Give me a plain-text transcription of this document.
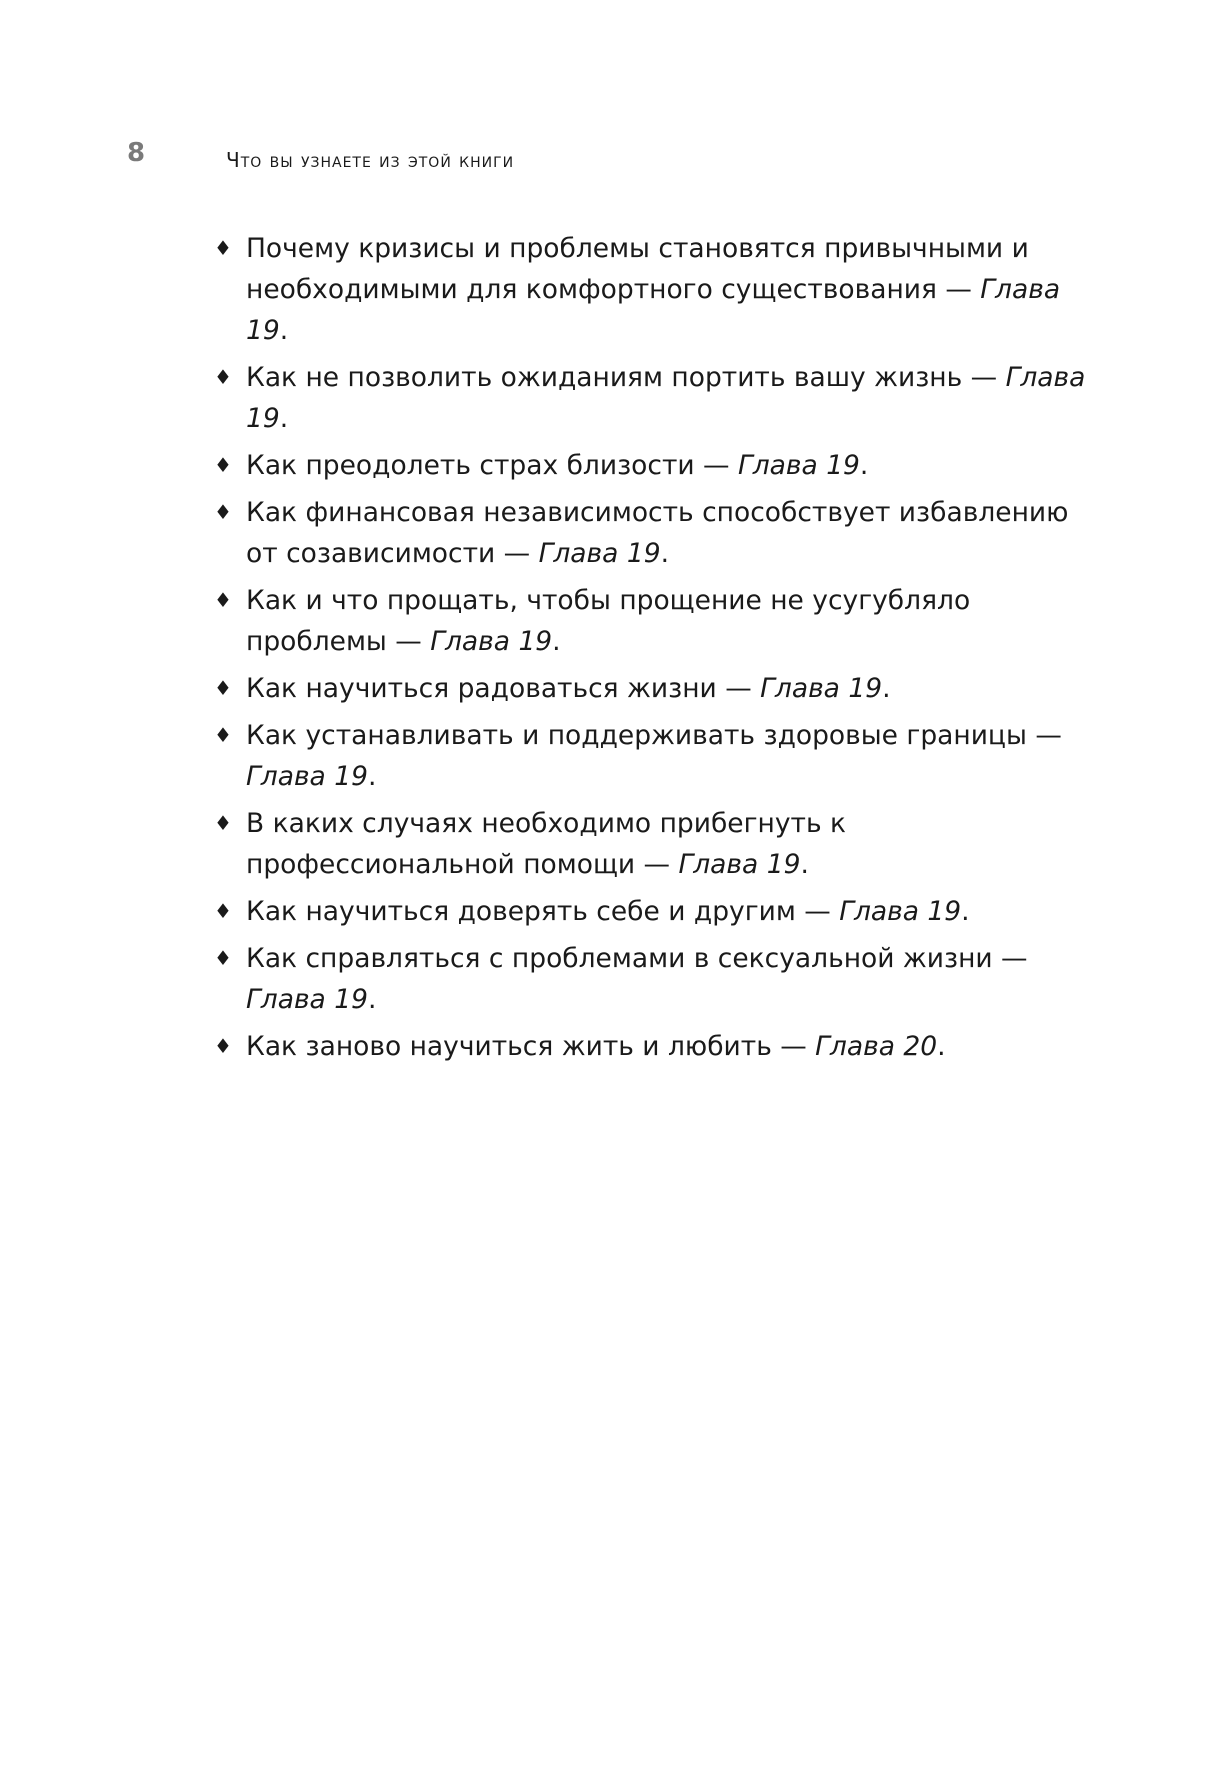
8	Что вы узнаете из этой книги
♦ Почему кризисы и проблемы становятся привычными и необходимыми для комфортного существования — Глава 19.
♦ Как не позволить ожиданиям портить вашу жизнь — Глава 19.
♦ Как преодолеть страх близости — Глава 19.
♦ Как финансовая независимость способствует избавлению от созависимости — Глава 19.
♦ Как и что прощать, чтобы прощение не усугубляло проблемы — Глава 19.
♦ Как научиться радоваться жизни — Глава 19.
♦ Как устанавливать и поддерживать здоровые границы — Глава 19.
♦ В каких случаях необходимо прибегнуть к профессиональной помощи — Глава 19.
♦ Как научиться доверять себе и другим — Глава 19.
♦ Как справляться с проблемами в сексуальной жизни — Глава 19.
♦ Как заново научиться жить и любить — Глава 20.
